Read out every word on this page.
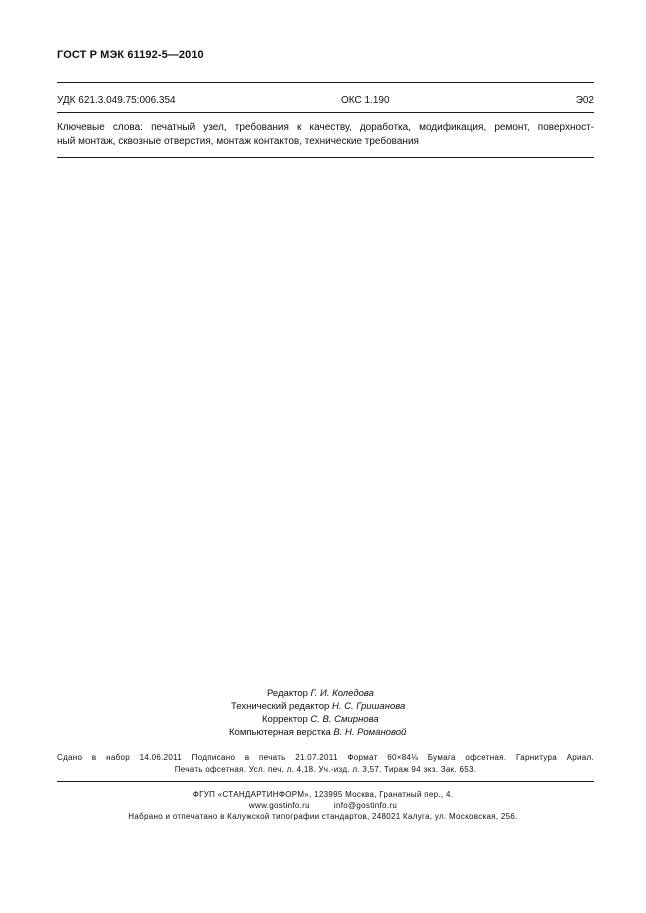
ГОСТ Р МЭК 61192-5—2010
УДК 621.3.049.75:006.354	ОКС 1.190	Э02
Ключевые слова: печатный узел, требования к качеству, доработка, модификация, ремонт, поверхност-
ный монтаж, сквозные отверстия, монтаж контактов, технические требования
Редактор Г. И. Коледова
Технический редактор Н. С. Гришанова
Корректор С. В. Смирнова
Компьютерная верстка В. Н. Романовой
Сдано в набор 14.06.2011 Подписано в печать 21.07.2011 Формат 60×84⅛ Бумага офсетная. Гарнитура Ариал.
Печать офсетная. Усл. печ. л. 4,18. Уч.-изд. л. 3,57. Тираж 94 экз. Зак. 653.
ФГУП «СТАНДАРТИНФОРМ», 123995 Москва, Гранатный пер., 4.
www.gostinfo.ru	info@gostinfo.ru
Набрано и отпечатано в Калужской типографии стандартов, 248021 Калуга, ул. Московская, 256.
